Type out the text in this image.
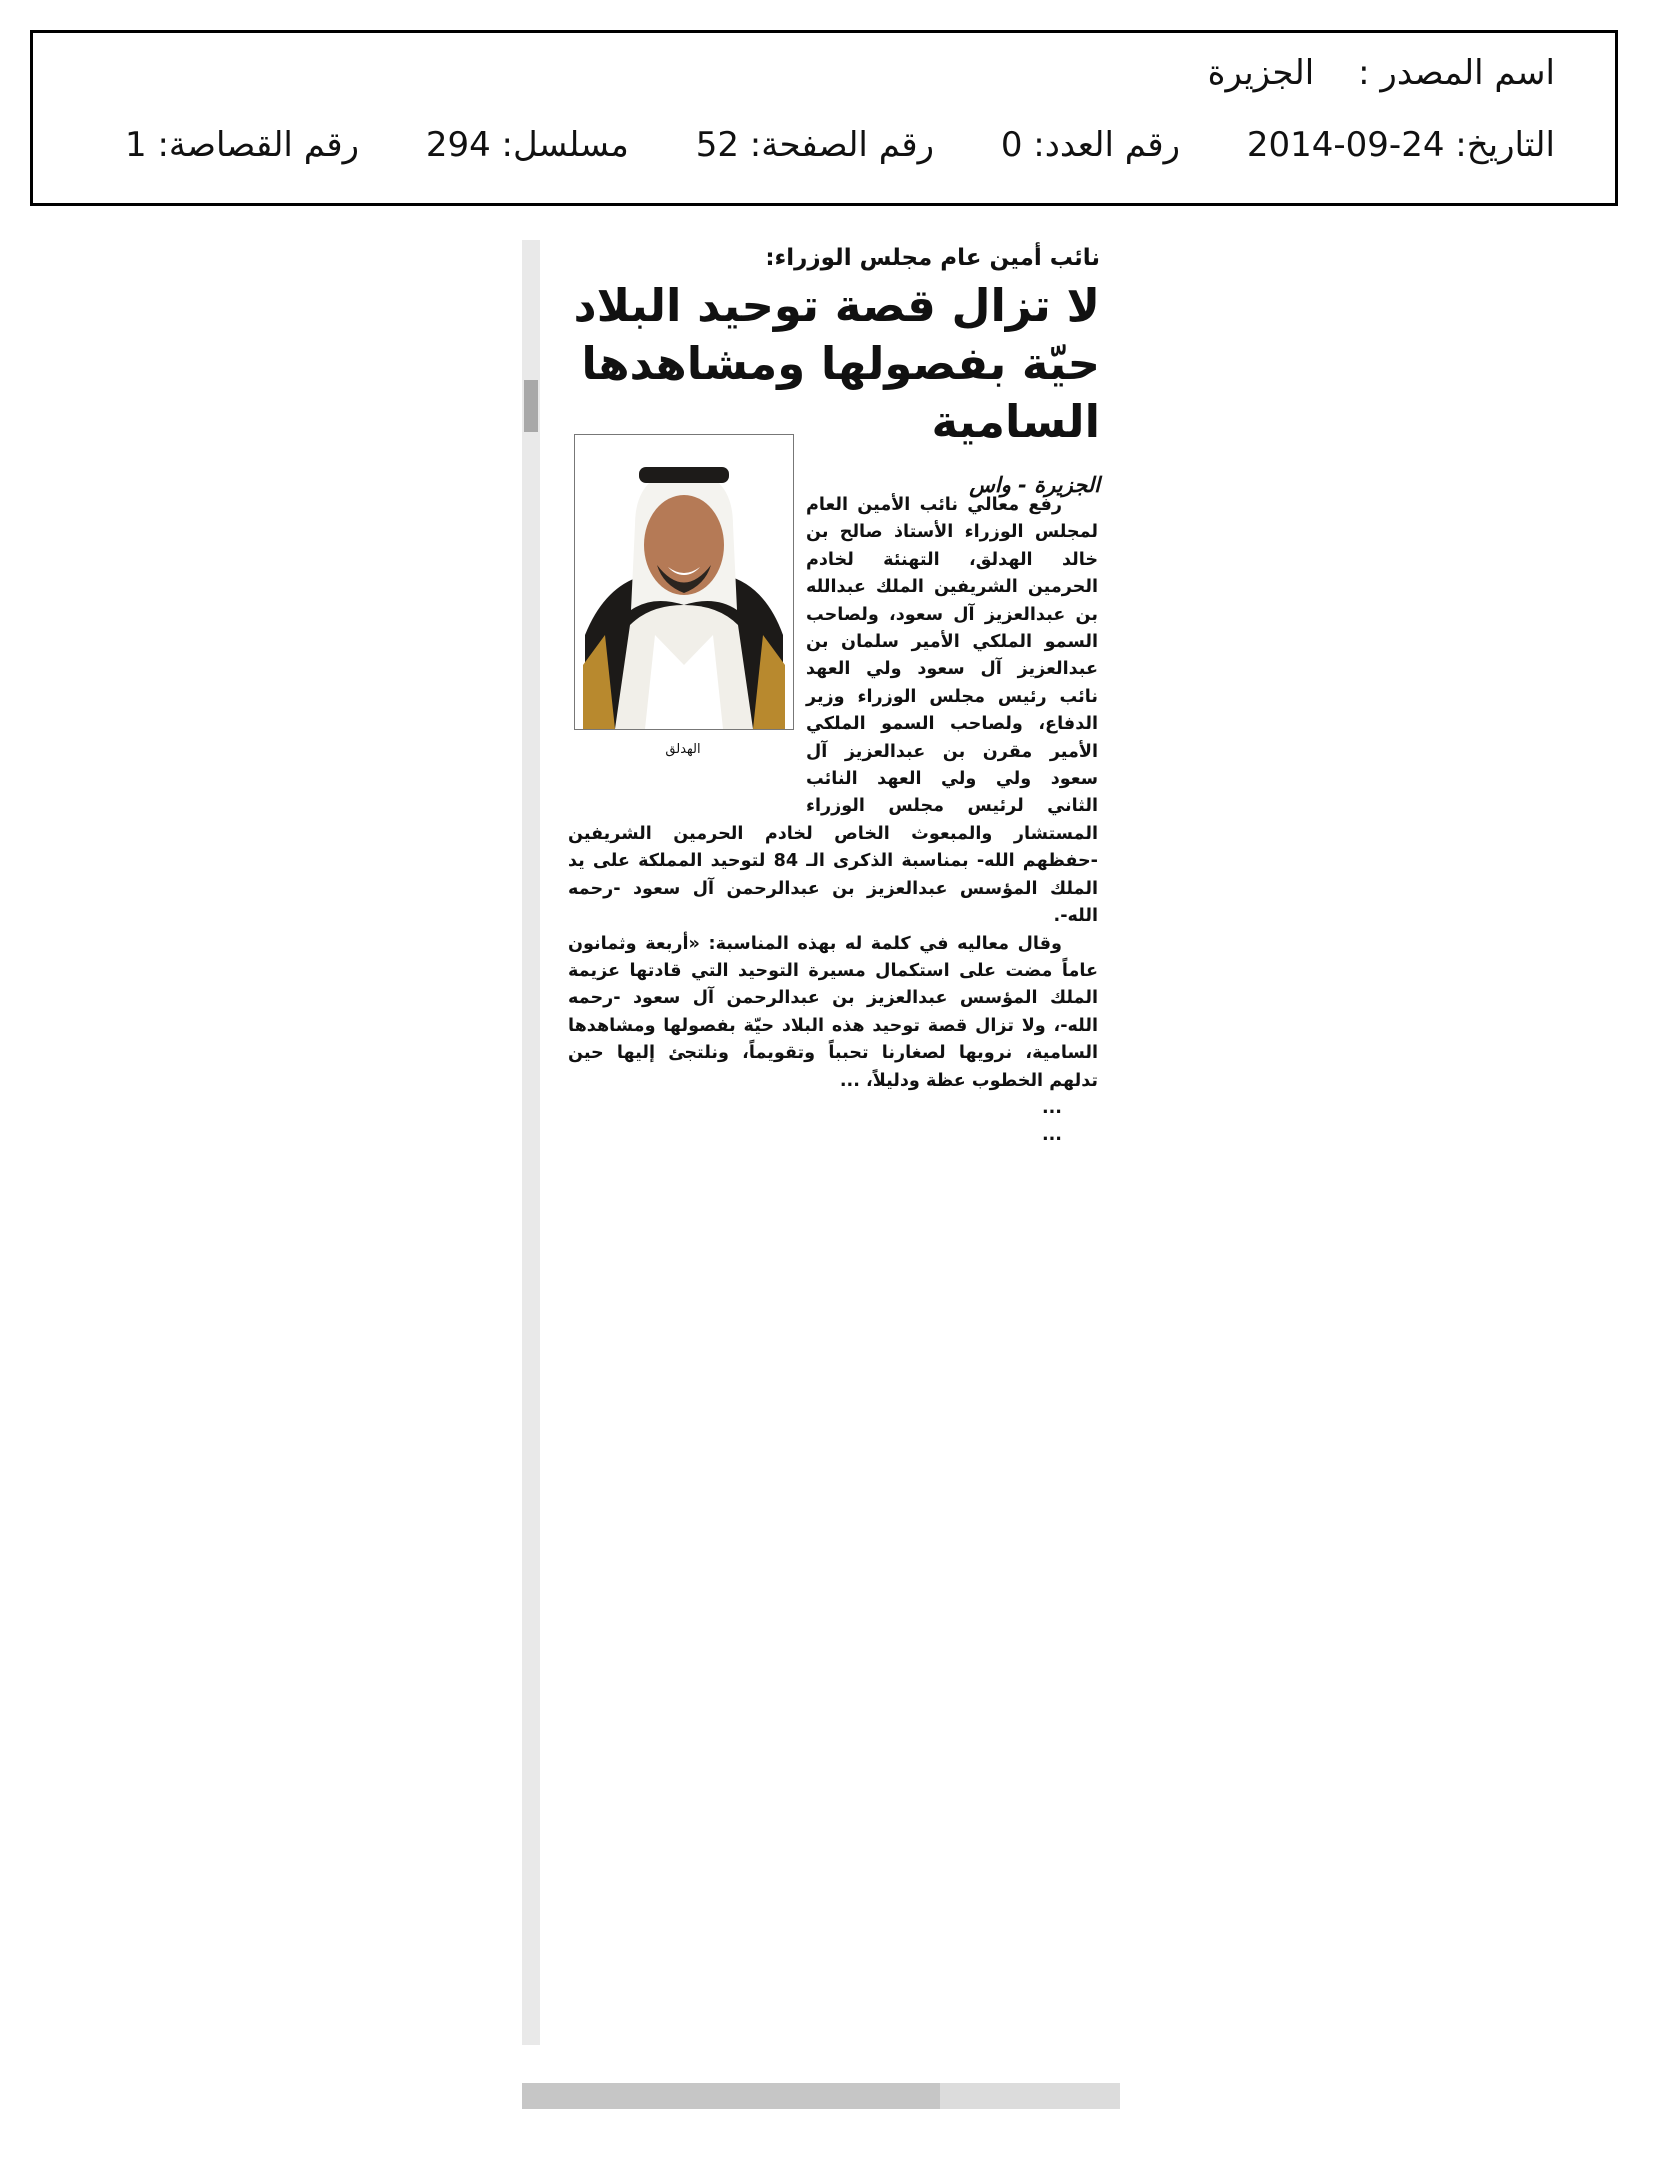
اسم المصدر : الجزيرة
التاريخ: 24-09-2014 رقم العدد: 0 رقم الصفحة: 52 مسلسل: 294 رقم القصاصة: 1

نائب أمين عام مجلس الوزراء:

لا تزال قصة توحيد البلاد حيّة بفصولها ومشاهدها السامية

الجزيرة - واس

الهدلق

رفع معالي نائب الأمين العام لمجلس الوزراء الأستاذ صالح بن خالد الهدلق، التهنئة لخادم الحرمين الشريفين الملك عبدالله بن عبدالعزيز آل سعود، ولصاحب السمو الملكي الأمير سلمان بن عبدالعزيز آل سعود ولي العهد نائب رئيس مجلس الوزراء وزير الدفاع، ولصاحب السمو الملكي الأمير مقرن بن عبدالعزيز آل سعود ولي ولي العهد النائب الثاني لرئيس مجلس الوزراء المستشار والمبعوث الخاص لخادم الحرمين الشريفين -حفظهم الله- بمناسبة الذكرى الـ 84 لتوحيد المملكة على يد الملك المؤسس عبدالعزيز بن عبدالرحمن آل سعود -رحمه الله-.

وقال معاليه في كلمة له بهذه المناسبة: «أربعة وثمانون عاماً مضت على استكمال مسيرة التوحيد التي قادتها عزيمة الملك المؤسس عبدالعزيز بن عبدالرحمن آل سعود -رحمه الله-، ولا تزال قصة توحيد هذه البلاد حيّة بفصولها ومشاهدها السامية، نرويها لصغارنا تحبباً وتقويماً، ونلتجئ إليها حين تدلهم الخطوب عظة ودليلاً، ...

...

...
